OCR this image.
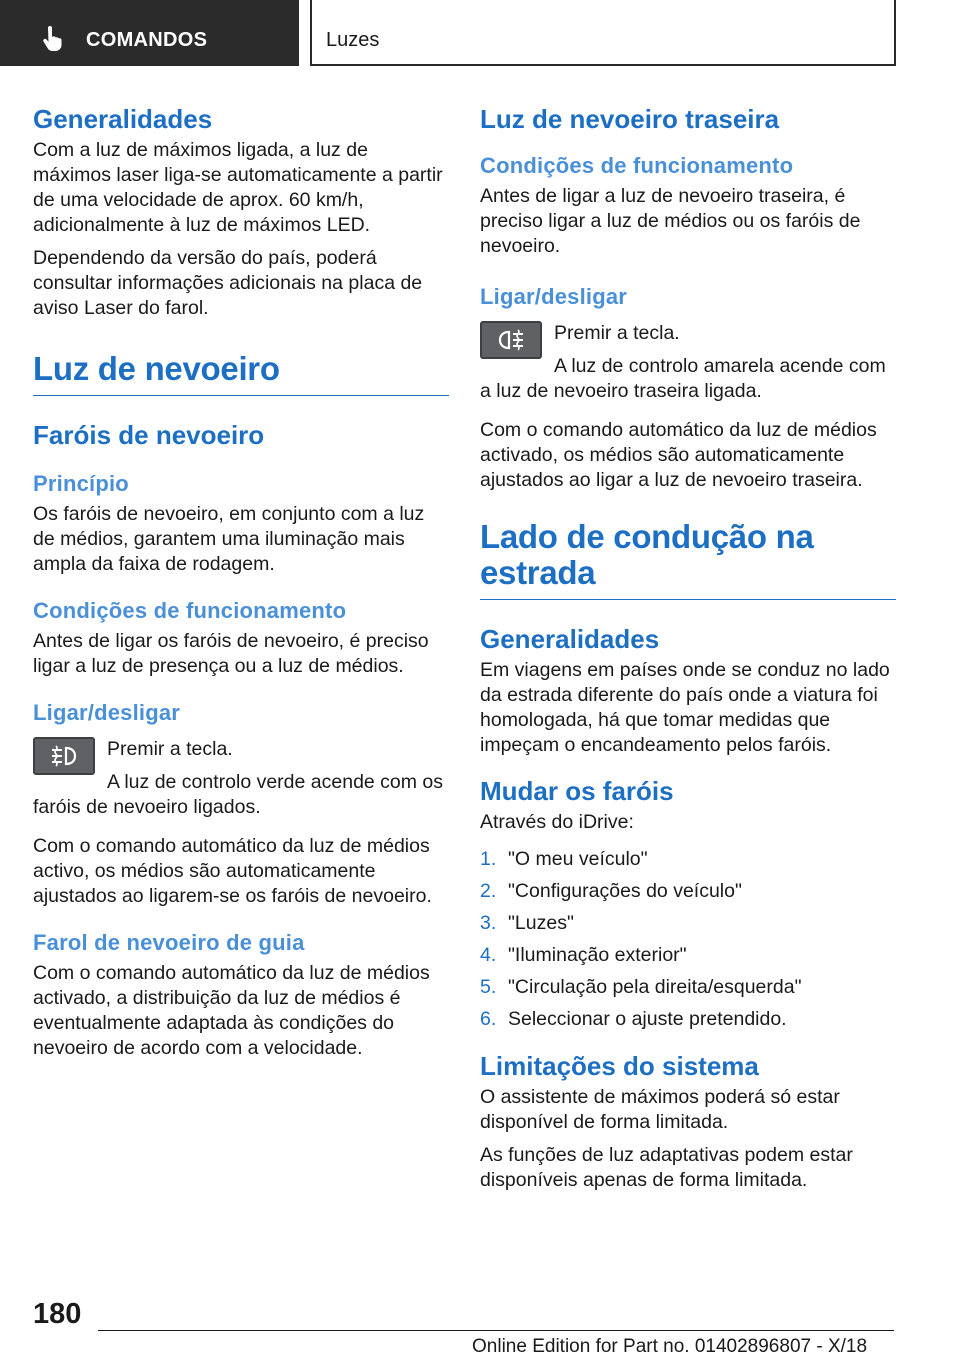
COMANDOS	Luzes
Generalidades

Com a luz de máximos ligada, a luz de máximos laser liga-se automaticamente a partir de uma velocidade de aprox. 60 km/h, adicionalmente à luz de máximos LED.

Dependendo da versão do país, poderá consultar informações adicionais na placa de aviso Laser do farol.

Luz de nevoeiro
Faróis de nevoeiro
Princípio

Os faróis de nevoeiro, em conjunto com a luz de médios, garantem uma iluminação mais ampla da faixa de rodagem.

Condições de funcionamento

Antes de ligar os faróis de nevoeiro, é preciso ligar a luz de presença ou a luz de médios.

Ligar/desligar

Premir a tecla.

A luz de controlo verde acende com os faróis de nevoeiro ligados.

Com o comando automático da luz de médios activo, os médios são automaticamente ajustados ao ligarem-se os faróis de nevoeiro.

Farol de nevoeiro de guia

Com o comando automático da luz de médios activado, a distribuição da luz de médios é eventualmente adaptada às condições do nevoeiro de acordo com a velocidade.

Luz de nevoeiro traseira
Condições de funcionamento

Antes de ligar a luz de nevoeiro traseira, é preciso ligar a luz de médios ou os faróis de nevoeiro.

Ligar/desligar

Premir a tecla.

A luz de controlo amarela acende com a luz de nevoeiro traseira ligada.

Com o comando automático da luz de médios activado, os médios são automaticamente ajustados ao ligar a luz de nevoeiro traseira.

Lado de condução na estrada
Generalidades

Em viagens em países onde se conduz no lado da estrada diferente do país onde a viatura foi homologada, há que tomar medidas que impeçam o encandeamento pelos faróis.

Mudar os faróis

Através do iDrive:

1. "O meu veículo"
2. "Configurações do veículo"
3. "Luzes"
4. "Iluminação exterior"
5. "Circulação pela direita/esquerda"
6. Seleccionar o ajuste pretendido.
Limitações do sistema

O assistente de máximos poderá só estar disponível de forma limitada.

As funções de luz adaptativas podem estar disponíveis apenas de forma limitada.

180
Online Edition for Part no. 01402896807 - X/18
